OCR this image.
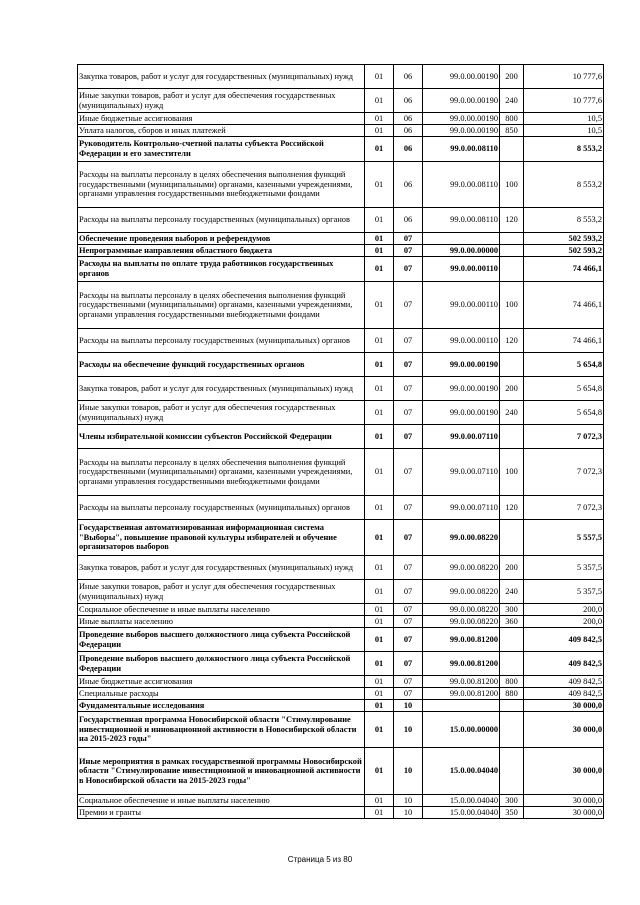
Закупка товаров, работ и услуг для государственных (муниципальных) нужд	01	06	99.0.00.00190	200	10 777,6
Иные закупки товаров, работ и услуг для обеспечения государственных (муниципальных) нужд	01	06	99.0.00.00190	240	10 777,6
Иные бюджетные ассигнования	01	06	99.0.00.00190	800	10,5
Уплата налогов, сборов и иных платежей	01	06	99.0.00.00190	850	10,5
Руководитель Контрольно-счетной палаты субъекта Российской Федерации и его заместители	01	06	99.0.00.08110		8 553,2
Расходы на выплаты персоналу в целях обеспечения выполнения функций государственными (муниципальными) органами, казенными учреждениями, органами управления государственными внебюджетными фондами	01	06	99.0.00.08110	100	8 553,2
Расходы на выплаты персоналу государственных (муниципальных) органов	01	06	99.0.00.08110	120	8 553,2
Обеспечение проведения выборов и референдумов	01	07			502 593,2
Непрограммные направления областного бюджета	01	07	99.0.00.00000		502 593,2
Расходы на выплаты по оплате труда работников государственных органов	01	07	99.0.00.00110		74 466,1
Расходы на выплаты персоналу в целях обеспечения выполнения функций государственными (муниципальными) органами, казенными учреждениями, органами управления государственными внебюджетными фондами	01	07	99.0.00.00110	100	74 466,1
Расходы на выплаты персоналу государственных (муниципальных) органов	01	07	99.0.00.00110	120	74 466,1
Расходы на обеспечение функций государственных органов	01	07	99.0.00.00190		5 654,8
Закупка товаров, работ и услуг для государственных (муниципальных) нужд	01	07	99.0.00.00190	200	5 654,8
Иные закупки товаров, работ и услуг для обеспечения государственных (муниципальных) нужд	01	07	99.0.00.00190	240	5 654,8
Члены избирательной комиссии субъектов Российской Федерации	01	07	99.0.00.07110		7 072,3
Расходы на выплаты персоналу в целях обеспечения выполнения функций государственными (муниципальными) органами, казенными учреждениями, органами управления государственными внебюджетными фондами	01	07	99.0.00.07110	100	7 072,3
Расходы на выплаты персоналу государственных (муниципальных) органов	01	07	99.0.00.07110	120	7 072,3
Государственная автоматизированная информационная система "Выборы", повышение правовой культуры избирателей и обучение организаторов выборов	01	07	99.0.00.08220		5 557,5
Закупка товаров, работ и услуг для государственных (муниципальных) нужд	01	07	99.0.00.08220	200	5 357,5
Иные закупки товаров, работ и услуг для обеспечения государственных (муниципальных) нужд	01	07	99.0.00.08220	240	5 357,5
Социальное обеспечение и иные выплаты населению	01	07	99.0.00.08220	300	200,0
Иные выплаты населению	01	07	99.0.00.08220	360	200,0
Проведение выборов высшего должностного лица субъекта Российской Федерации	01	07	99.0.00.81200		409 842,5
Проведение выборов высшего должностного лица субъекта Российской Федерации	01	07	99.0.00.81200		409 842,5
Иные бюджетные ассигнования	01	07	99.0.00.81200	800	409 842,5
Специальные расходы	01	07	99.0.00.81200	880	409 842,5
Фундаментальные исследования	01	10			30 000,0
Государственная программа Новосибирской области "Стимулирование инвестиционной и инновационной активности в Новосибирской области на 2015-2023 годы"	01	10	15.0.00.00000		30 000,0
Иные мероприятия в рамках государственной программы Новосибирской области "Стимулирование инвестиционной и инновационной активности в Новосибирской области на 2015-2023 годы"	01	10	15.0.00.04040		30 000,0
Социальное обеспечение и иные выплаты населению	01	10	15.0.00.04040	300	30 000,0
Премии и гранты	01	10	15.0.00.04040	350	30 000,0
Страница 5 из 80
